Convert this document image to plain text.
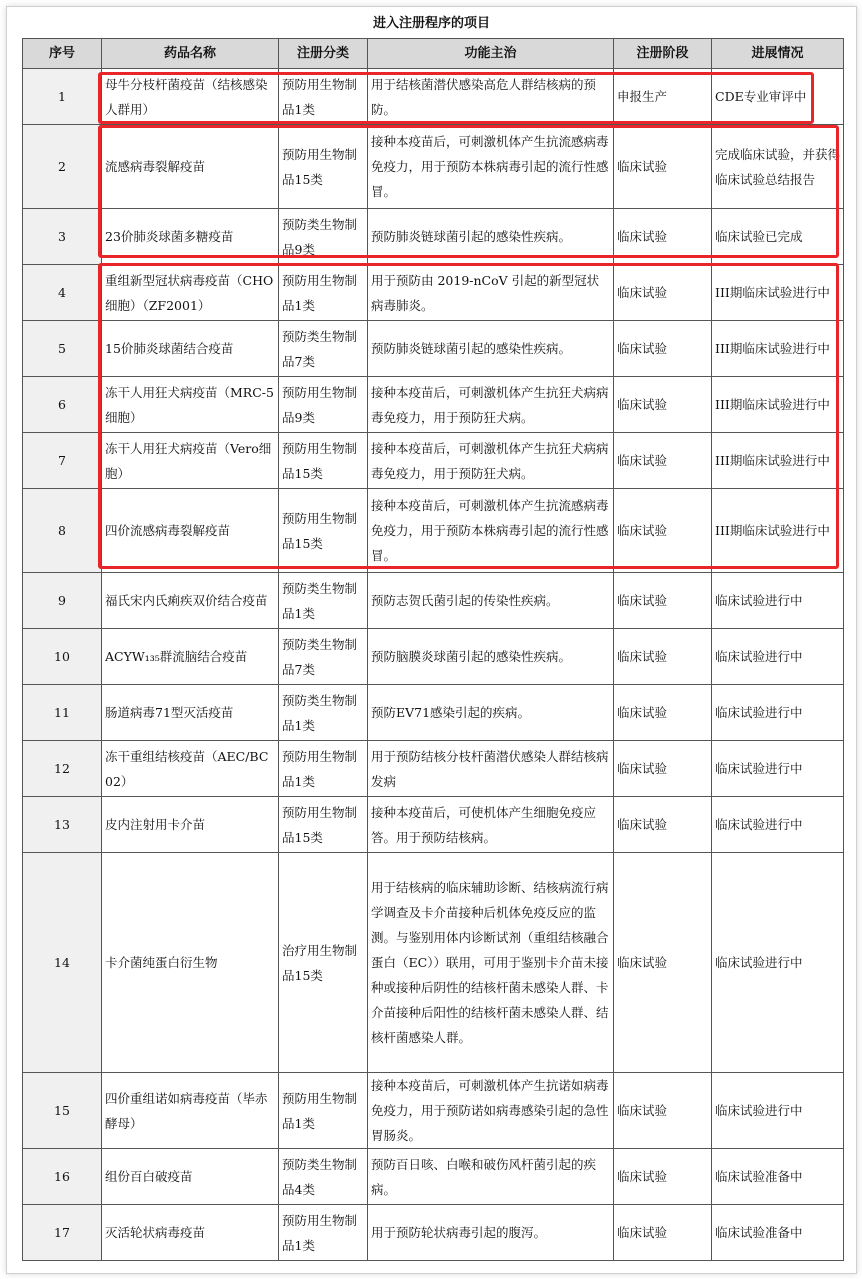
进入注册程序的项目
序号	药品名称	注册分类	功能主治	注册阶段	进展情况
1	母牛分枝杆菌疫苗（结核感染人群用）	预防用生物制品1类	用于结核菌潜伏感染高危人群结核病的预防。	申报生产	CDE专业审评中
2	流感病毒裂解疫苗	预防用生物制品15类	接种本疫苗后，可刺激机体产生抗流感病毒免疫力，用于预防本株病毒引起的流行性感冒。	临床试验	完成临床试验，并获得临床试验总结报告
3	23价肺炎球菌多糖疫苗	预防类生物制品9类	预防肺炎链球菌引起的感染性疾病。	临床试验	临床试验已完成
4	重组新型冠状病毒疫苗（CHO细胞）（ZF2001）	预防用生物制品1类	用于预防由 2019-nCoV 引起的新型冠状病毒肺炎。	临床试验	III期临床试验进行中
5	15价肺炎球菌结合疫苗	预防类生物制品7类	预防肺炎链球菌引起的感染性疾病。	临床试验	III期临床试验进行中
6	冻干人用狂犬病疫苗（MRC-5细胞）	预防用生物制品9类	接种本疫苗后，可刺激机体产生抗狂犬病病毒免疫力，用于预防狂犬病。	临床试验	III期临床试验进行中
7	冻干人用狂犬病疫苗（Vero细胞）	预防用生物制品15类	接种本疫苗后，可刺激机体产生抗狂犬病病毒免疫力，用于预防狂犬病。	临床试验	III期临床试验进行中
8	四价流感病毒裂解疫苗	预防用生物制品15类	接种本疫苗后，可刺激机体产生抗流感病毒免疫力，用于预防本株病毒引起的流行性感冒。	临床试验	III期临床试验进行中
9	福氏宋内氏痢疾双价结合疫苗	预防类生物制品1类	预防志贺氏菌引起的传染性疾病。	临床试验	临床试验进行中
10	ACYW₁₃₅群流脑结合疫苗	预防类生物制品7类	预防脑膜炎球菌引起的感染性疾病。	临床试验	临床试验进行中
11	肠道病毒71型灭活疫苗	预防类生物制品1类	预防EV71感染引起的疾病。	临床试验	临床试验进行中
12	冻干重组结核疫苗（AEC/BC02）	预防用生物制品1类	用于预防结核分枝杆菌潜伏感染人群结核病发病	临床试验	临床试验进行中
13	皮内注射用卡介苗	预防用生物制品15类	接种本疫苗后，可使机体产生细胞免疫应答。用于预防结核病。	临床试验	临床试验进行中
14	卡介菌纯蛋白衍生物	治疗用生物制品15类	用于结核病的临床辅助诊断、结核病流行病学调查及卡介苗接种后机体免疫反应的监测。与鉴别用体内诊断试剂（重组结核融合蛋白（EC））联用，可用于鉴别卡介苗未接种或接种后阴性的结核杆菌未感染人群、卡介苗接种后阳性的结核杆菌未感染人群、结核杆菌感染人群。	临床试验	临床试验进行中
15	四价重组诺如病毒疫苗（毕赤酵母）	预防用生物制品1类	接种本疫苗后，可刺激机体产生抗诺如病毒免疫力，用于预防诺如病毒感染引起的急性胃肠炎。	临床试验	临床试验进行中
16	组份百白破疫苗	预防类生物制品4类	预防百日咳、白喉和破伤风杆菌引起的疾病。	临床试验	临床试验准备中
17	灭活轮状病毒疫苗	预防用生物制品1类	用于预防轮状病毒引起的腹泻。	临床试验	临床试验准备中
